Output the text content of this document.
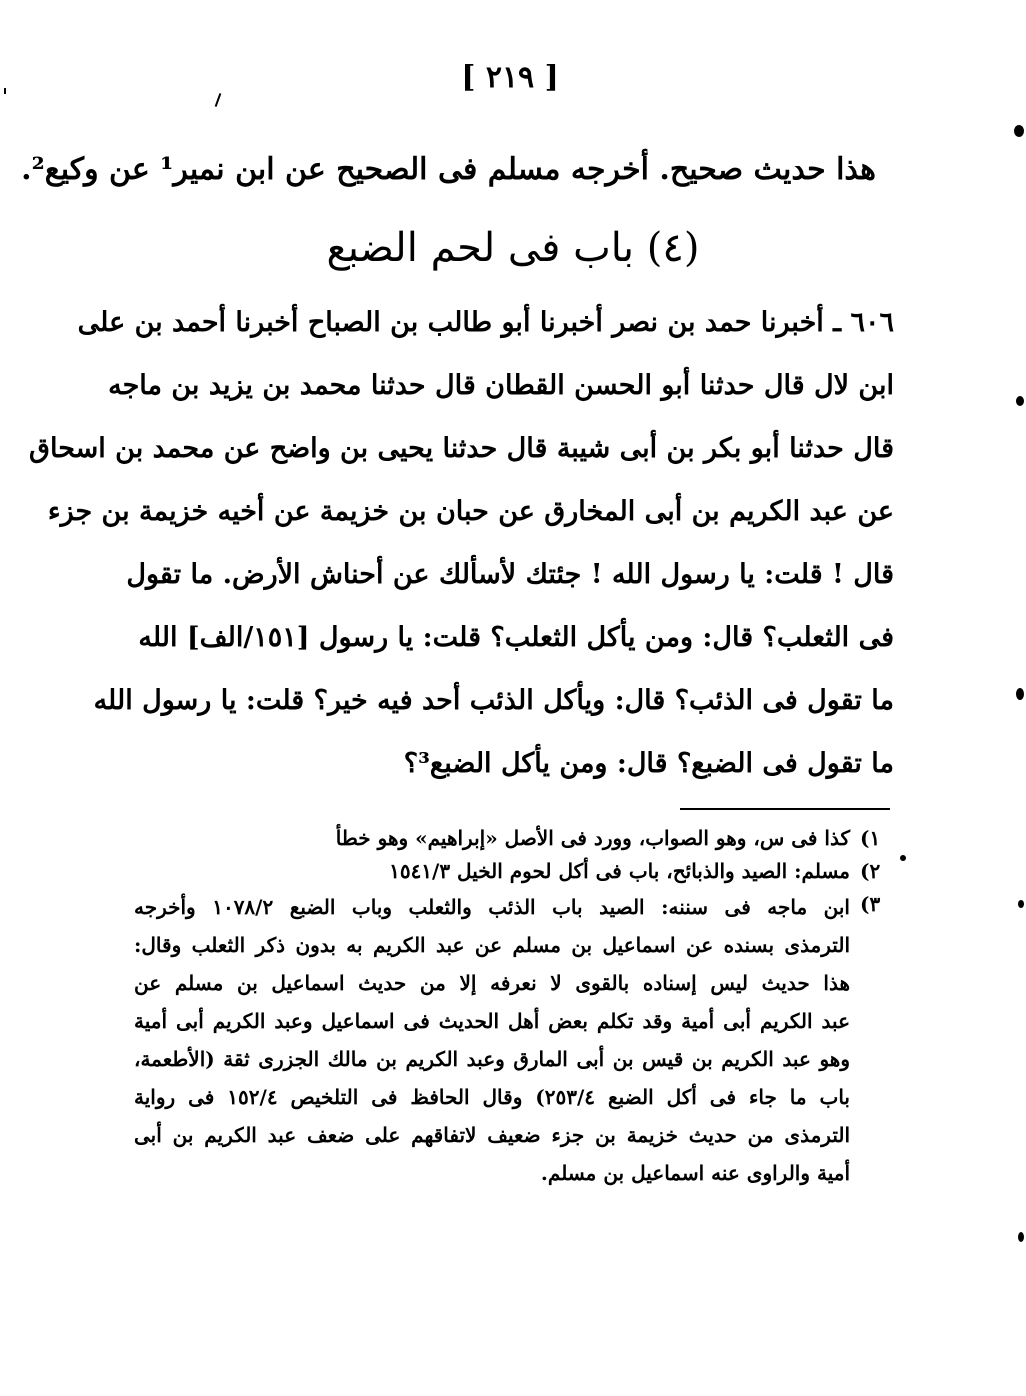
[ ٢١٩ ]
هذا حديث صحيح. أخرجه مسلم فى الصحيح عن ابن نمير¹ عن وكيع².
(٤) باب فى لحم الضبع
٦٠٦ ـ أخبرنا حمد بن نصر أخبرنا أبو طالب بن الصباح أخبرنا أحمد بن على
ابن لال قال حدثنا أبو الحسن القطان قال حدثنا محمد بن يزيد بن ماجه
قال حدثنا أبو بكر بن أبى شيبة قال حدثنا يحيى بن واضح عن محمد بن اسحاق
عن عبد الكريم بن أبى المخارق عن حبان بن خزيمة عن أخيه خزيمة بن جزء
قال ! قلت: يا رسول الله ! جئتك لأسألك عن أحناش الأرض. ما تقول
فى الثعلب؟ قال: ومن يأكل الثعلب؟ قلت: يا رسول [١٥١/الف] الله
ما تقول فى الذئب؟ قال: ويأكل الذئب أحد فيه خير؟ قلت: يا رسول الله
ما تقول فى الضبع؟ قال: ومن يأكل الضبع³؟
١)
كذا فى س، وهو الصواب، وورد فى الأصل «إبراهيم» وهو خطأ
٢)
مسلم: الصيد والذبائح، باب فى أكل لحوم الخيل ١٥٤١/٣
٣)
ابن ماجه فى سننه: الصيد باب الذئب والثعلب وباب الضبع ١٠٧٨/٢ وأخرجه
الترمذى بسنده عن اسماعيل بن مسلم عن عبد الكريم به بدون ذكر الثعلب وقال:
هذا حديث ليس إسناده بالقوى لا نعرفه إلا من حديث اسماعيل بن مسلم عن
عبد الكريم أبى أمية وقد تكلم بعض أهل الحديث فى اسماعيل وعبد الكريم أبى أمية
وهو عبد الكريم بن قيس بن أبى المارق وعبد الكريم بن مالك الجزرى ثقة (الأطعمة،
باب ما جاء فى أكل الضبع ٢٥٣/٤) وقال الحافظ فى التلخيص ١٥٢/٤ فى رواية
الترمذى من حديث خزيمة بن جزء ضعيف لاتفاقهم على ضعف عبد الكريم بن أبى
أمية والراوى عنه اسماعيل بن مسلم.
